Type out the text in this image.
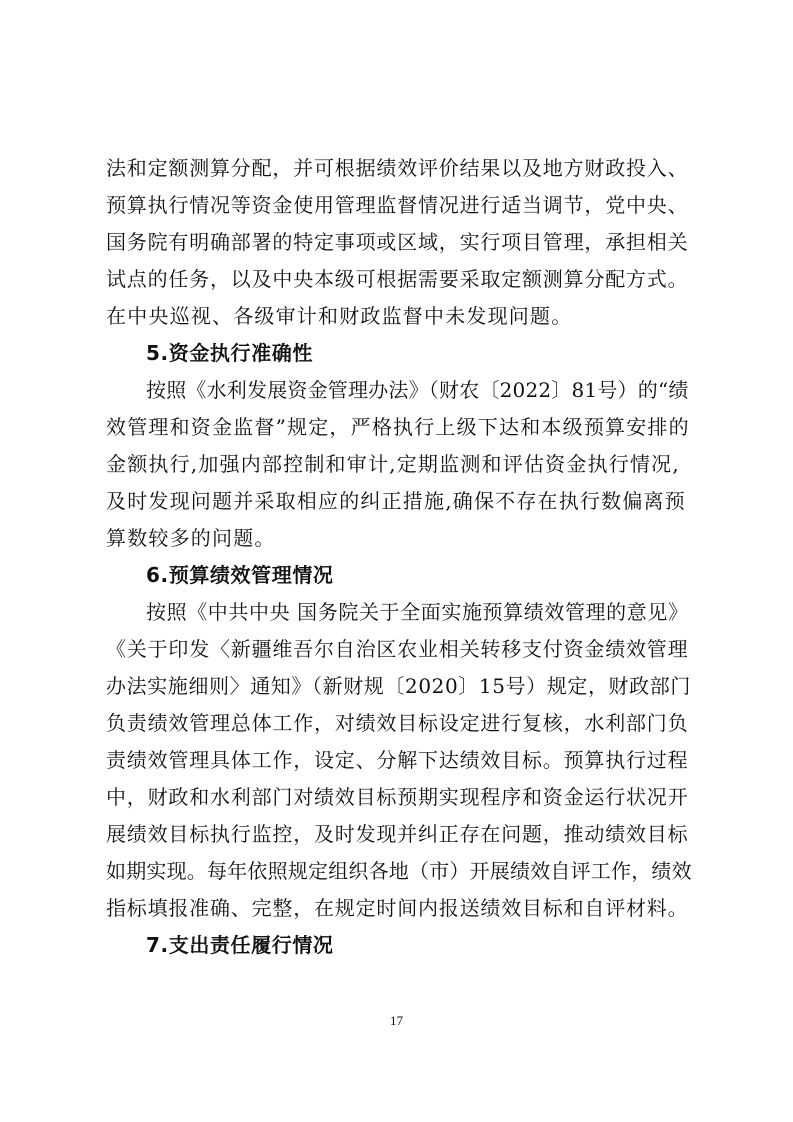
法和定额测算分配，并可根据绩效评价结果以及地方财政投入、
预算执行情况等资金使用管理监督情况进行适当调节，党中央、
国务院有明确部署的特定事项或区域，实行项目管理，承担相关
试点的任务，以及中央本级可根据需要采取定额测算分配方式。
在中央巡视、各级审计和财政监督中未发现问题。
5.资金执行准确性
按照《水利发展资金管理办法》（财农〔2022〕81号）的“绩
效管理和资金监督”规定，严格执行上级下达和本级预算安排的
金额执行,加强内部控制和审计,定期监测和评估资金执行情况,
及时发现问题并采取相应的纠正措施,确保不存在执行数偏离预
算数较多的问题。
6.预算绩效管理情况
按照《中共中央 国务院关于全面实施预算绩效管理的意见》
《关于印发〈新疆维吾尔自治区农业相关转移支付资金绩效管理
办法实施细则〉通知》（新财规〔2020〕15号）规定，财政部门
负责绩效管理总体工作，对绩效目标设定进行复核，水利部门负
责绩效管理具体工作，设定、分解下达绩效目标。预算执行过程
中，财政和水利部门对绩效目标预期实现程序和资金运行状况开
展绩效目标执行监控，及时发现并纠正存在问题，推动绩效目标
如期实现。每年依照规定组织各地（市）开展绩效自评工作，绩效
指标填报准确、完整，在规定时间内报送绩效目标和自评材料。
7.支出责任履行情况
17
